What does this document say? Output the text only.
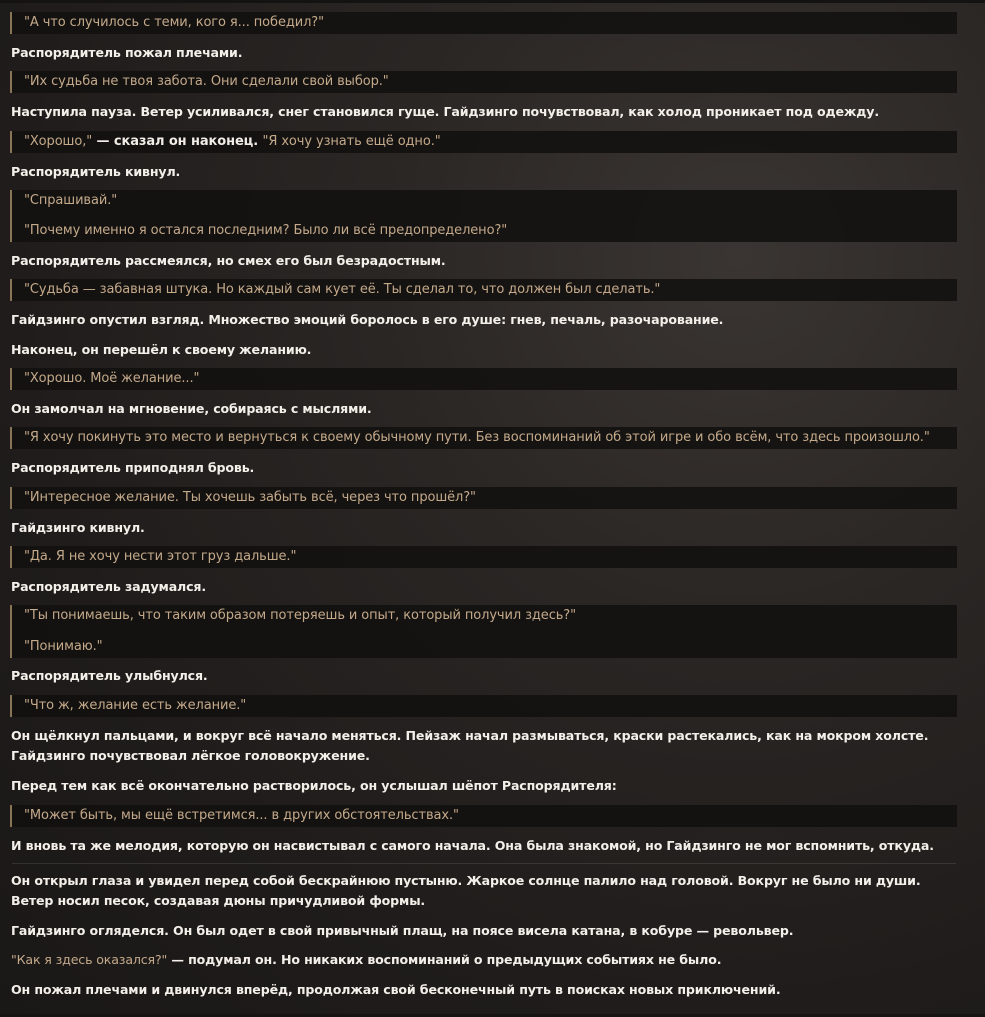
"А что случилось с теми, кого я... победил?"
Распорядитель пожал плечами.
"Их судьба не твоя забота. Они сделали свой выбор."
Наступила пауза. Ветер усиливался, снег становился гуще. Гайдзинго почувствовал, как холод проникает под одежду.
"Хорошо," — сказал он наконец. "Я хочу узнать ещё одно."
Распорядитель кивнул.
"Спрашивай."
"Почему именно я остался последним? Было ли всё предопределено?"
Распорядитель рассмеялся, но смех его был безрадостным.
"Судьба — забавная штука. Но каждый сам кует её. Ты сделал то, что должен был сделать."
Гайдзинго опустил взгляд. Множество эмоций боролось в его душе: гнев, печаль, разочарование.
Наконец, он перешёл к своему желанию.
"Хорошо. Моё желание..."
Он замолчал на мгновение, собираясь с мыслями.
"Я хочу покинуть это место и вернуться к своему обычному пути. Без воспоминаний об этой игре и обо всём, что здесь произошло."
Распорядитель приподнял бровь.
"Интересное желание. Ты хочешь забыть всё, через что прошёл?"
Гайдзинго кивнул.
"Да. Я не хочу нести этот груз дальше."
Распорядитель задумался.
"Ты понимаешь, что таким образом потеряешь и опыт, который получил здесь?"
"Понимаю."
Распорядитель улыбнулся.
"Что ж, желание есть желание."
Он щёлкнул пальцами, и вокруг всё начало меняться. Пейзаж начал размываться, краски растекались, как на мокром холсте. Гайдзинго почувствовал лёгкое головокружение.
Перед тем как всё окончательно растворилось, он услышал шёпот Распорядителя:
"Может быть, мы ещё встретимся... в других обстоятельствах."
И вновь та же мелодия, которую он насвистывал с самого начала. Она была знакомой, но Гайдзинго не мог вспомнить, откуда.
Он открыл глаза и увидел перед собой бескрайнюю пустыню. Жаркое солнце палило над головой. Вокруг не было ни души. Ветер носил песок, создавая дюны причудливой формы.
Гайдзинго огляделся. Он был одет в свой привычный плащ, на поясе висела катана, в кобуре — револьвер.
"Как я здесь оказался?" — подумал он. Но никаких воспоминаний о предыдущих событиях не было.
Он пожал плечами и двинулся вперёд, продолжая свой бесконечный путь в поисках новых приключений.
